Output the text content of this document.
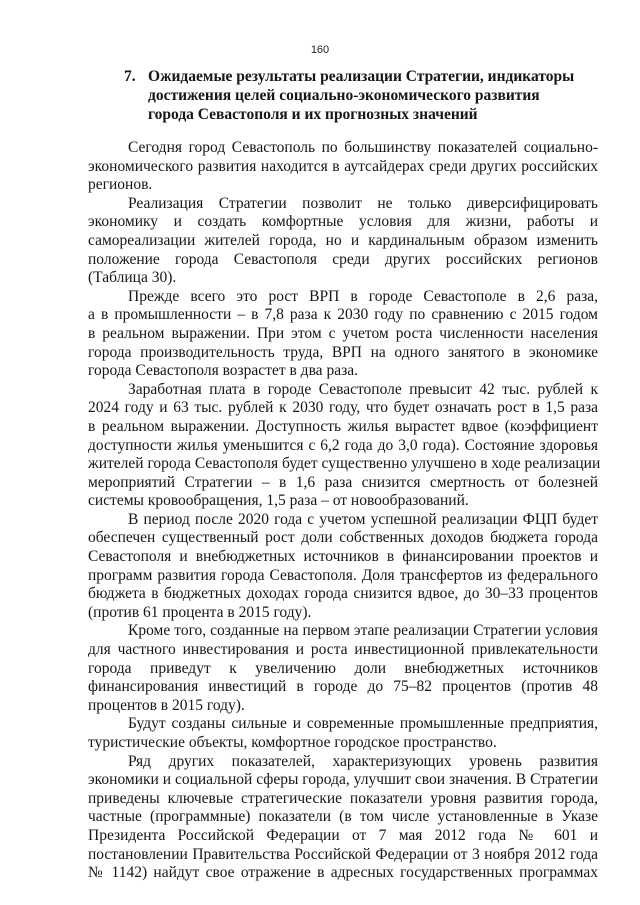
160
7. Ожидаемые результаты реализации Стратегии, индикаторы
достижения целей социально-экономического развития
города Севастополя и их прогнозных значений

Сегодня город Севастополь по большинству показателей социально-
экономического развития находится в аутсайдерах среди других российских
регионов.

Реализация Стратегии позволит не только диверсифицировать
экономику и создать комфортные условия для жизни, работы и
самореализации жителей города, но и кардинальным образом изменить
положение города Севастополя среди других российских регионов
(Таблица 30).

Прежде всего это рост ВРП в городе Севастополе в 2,6 раза,
а в промышленности – в 7,8 раза к 2030 году по сравнению с 2015 годом
в реальном выражении. При этом с учетом роста численности населения
города производительность труда, ВРП на одного занятого в экономике
города Севастополя возрастет в два раза.

Заработная плата в городе Севастополе превысит 42 тыс. рублей к
2024 году и 63 тыс. рублей к 2030 году, что будет означать рост в 1,5 раза
в реальном выражении. Доступность жилья вырастет вдвое (коэффициент
доступности жилья уменьшится с 6,2 года до 3,0 года). Состояние здоровья
жителей города Севастополя будет существенно улучшено в ходе реализации
мероприятий Стратегии – в 1,6 раза снизится смертность от болезней
системы кровообращения, 1,5 раза – от новообразований.

В период после 2020 года с учетом успешной реализации ФЦП будет
обеспечен существенный рост доли собственных доходов бюджета города
Севастополя и внебюджетных источников в финансировании проектов и
программ развития города Севастополя. Доля трансфертов из федерального
бюджета в бюджетных доходах города снизится вдвое, до 30–33 процентов
(против 61 процента в 2015 году).

Кроме того, созданные на первом этапе реализации Стратегии условия
для частного инвестирования и роста инвестиционной привлекательности
города приведут к увеличению доли внебюджетных источников
финансирования инвестиций в городе до 75–82 процентов (против 48
процентов в 2015 году).

Будут созданы сильные и современные промышленные предприятия,
туристические объекты, комфортное городское пространство.

Ряд других показателей, характеризующих уровень развития
экономики и социальной сферы города, улучшит свои значения. В Стратегии
приведены ключевые стратегические показатели уровня развития города,
частные (программные) показатели (в том числе установленные в Указе
Президента Российской Федерации от 7 мая 2012 года № 601 и
постановлении Правительства Российской Федерации от 3 ноября 2012 года
№ 1142) найдут свое отражение в адресных государственных программах
